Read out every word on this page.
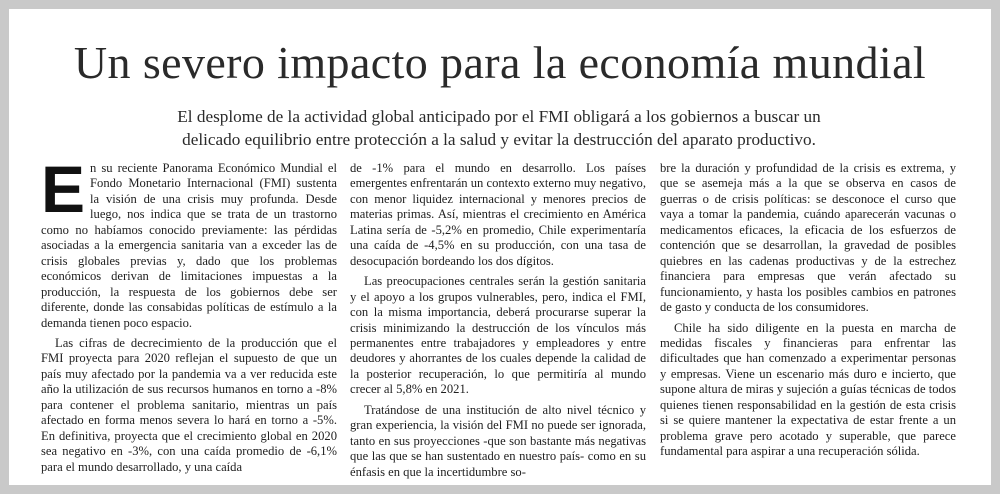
Un severo impacto para la economía mundial

El desplome de la actividad global anticipado por el FMI obligará a los gobiernos a buscar un delicado equilibrio entre protección a la salud y evitar la destrucción del aparato productivo.

E n su reciente Panorama Económico Mundial el Fondo Monetario Internacional (FMI) sustenta la visión de una crisis muy profunda. Desde luego, nos indica que se trata de un trastorno como no habíamos conocido previamente: las pérdidas asociadas a la emergencia sanitaria van a exceder las de crisis globales previas y, dado que los problemas económicos derivan de limitaciones impuestas a la producción, la respuesta de los gobiernos debe ser diferente, donde las consabidas políticas de estímulo a la demanda tienen poco espacio.

Las cifras de decrecimiento de la producción que el FMI proyecta para 2020 reflejan el supuesto de que un país muy afectado por la pandemia va a ver reducida este año la utilización de sus recursos humanos en torno a -8% para contener el problema sanitario, mientras un país afectado en forma menos severa lo hará en torno a -5%. En definitiva, proyecta que el crecimiento global en 2020 sea negativo en -3%, con una caída promedio de -6,1% para el mundo desarrollado, y una caída

de -1% para el mundo en desarrollo. Los países emergentes enfrentarán un contexto externo muy negativo, con menor liquidez internacional y menores precios de materias primas. Así, mientras el crecimiento en América Latina sería de -5,2% en promedio, Chile experimentaría una caída de -4,5% en su producción, con una tasa de desocupación bordeando los dos dígitos.

Las preocupaciones centrales serán la gestión sanitaria y el apoyo a los grupos vulnerables, pero, indica el FMI, con la misma importancia, deberá procurarse superar la crisis minimizando la destrucción de los vínculos más permanentes entre trabajadores y empleadores y entre deudores y ahorrantes de los cuales depende la calidad de la posterior recuperación, lo que permitiría al mundo crecer al 5,8% en 2021.

Tratándose de una institución de alto nivel técnico y gran experiencia, la visión del FMI no puede ser ignorada, tanto en sus proyecciones -que son bastante más negativas que las que se han sustentado en nuestro país- como en su énfasis en que la incertidumbre so-

bre la duración y profundidad de la crisis es extrema, y que se asemeja más a la que se observa en casos de guerras o de crisis políticas: se desconoce el curso que vaya a tomar la pandemia, cuándo aparecerán vacunas o medicamentos eficaces, la eficacia de los esfuerzos de contención que se desarrollan, la gravedad de posibles quiebres en las cadenas productivas y de la estrechez financiera para empresas que verán afectado su funcionamiento, y hasta los posibles cambios en patrones de gasto y conducta de los consumidores.

Chile ha sido diligente en la puesta en marcha de medidas fiscales y financieras para enfrentar las dificultades que han comenzado a experimentar personas y empresas. Viene un escenario más duro e incierto, que supone altura de miras y sujeción a guías técnicas de todos quienes tienen responsabilidad en la gestión de esta crisis si se quiere mantener la expectativa de estar frente a un problema grave pero acotado y superable, que parece fundamental para aspirar a una recuperación sólida.
